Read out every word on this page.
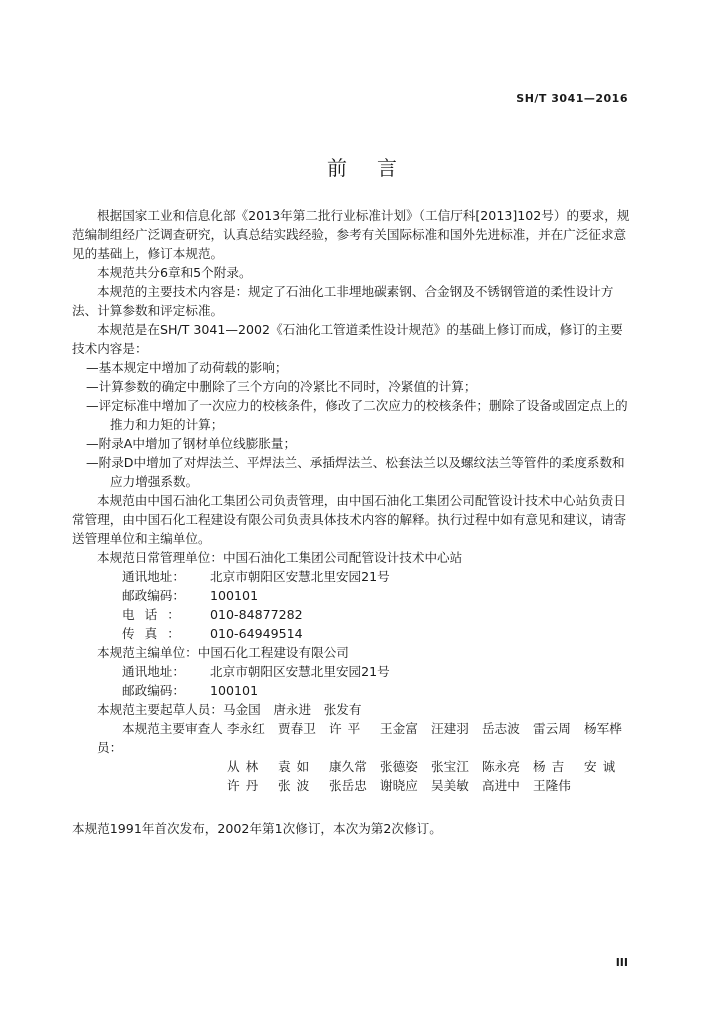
SH/T 3041—2016
前言

根据国家工业和信息化部《2013年第二批行业标准计划》（工信厅科[2013]102号）的要求，规范编制组经广泛调查研究，认真总结实践经验，参考有关国际标准和国外先进标准，并在广泛征求意见的基础上，修订本规范。

本规范共分6章和5个附录。

本规范的主要技术内容是：规定了石油化工非埋地碳素钢、合金钢及不锈钢管道的柔性设计方法、计算参数和评定标准。

本规范是在SH/T 3041—2002《石油化工管道柔性设计规范》的基础上修订而成，修订的主要技术内容是：

—基本规定中增加了动荷载的影响；

—计算参数的确定中删除了三个方向的冷紧比不同时，冷紧值的计算；

—评定标准中增加了一次应力的校核条件，修改了二次应力的校核条件；删除了设备或固定点上的推力和力矩的计算；

—附录A中增加了钢材单位线膨胀量；

—附录D中增加了对焊法兰、平焊法兰、承插焊法兰、松套法兰以及螺纹法兰等管件的柔度系数和应力增强系数。

本规范由中国石油化工集团公司负责管理，由中国石油化工集团公司配管设计技术中心站负责日常管理，由中国石化工程建设有限公司负责具体技术内容的解释。执行过程中如有意见和建议，请寄送管理单位和主编单位。

本规范日常管理单位：中国石油化工集团公司配管设计技术中心站

通讯地址： 北京市朝阳区安慧北里安园21号

邮政编码： 100101

电话： 010-84877282

传真： 010-64949514

本规范主编单位：中国石化工程建设有限公司

通讯地址： 北京市朝阳区安慧北里安园21号

邮政编码： 100101

本规范主要起草人员：马金国　唐永进　张发有

本规范主要审查人员：
李永红	贾春卫	许平	王金富	汪建羽	岳志波	雷云周	杨军桦
从林	袁如	康久常	张德姿	张宝江	陈永亮	杨吉	安诚
许丹	张波	张岳忠	谢晓应	吴美敏	高进中	王隆伟

本规范1991年首次发布，2002年第1次修订，本次为第2次修订。

III
